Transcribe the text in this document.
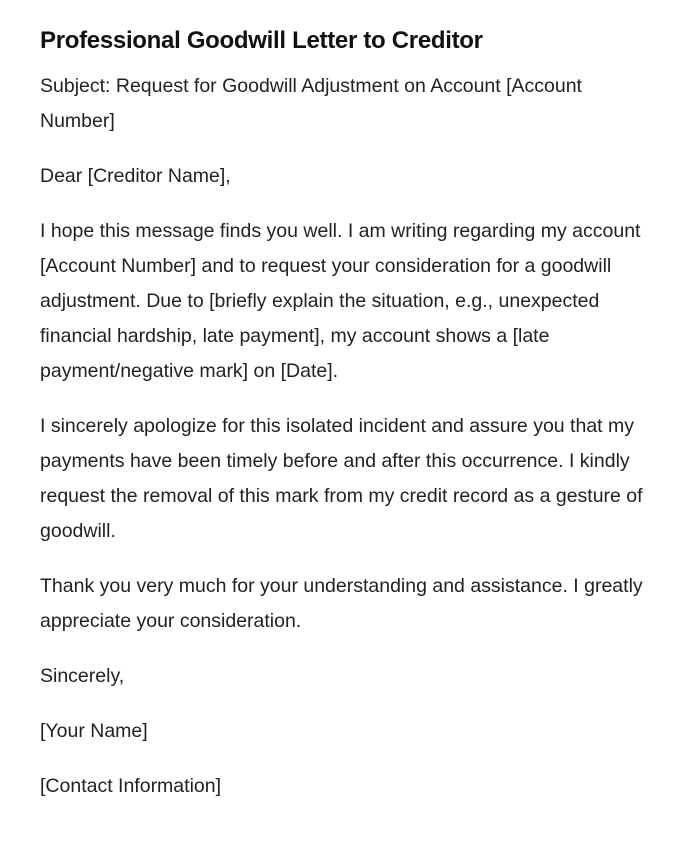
Professional Goodwill Letter to Creditor

Subject: Request for Goodwill Adjustment on Account [Account Number]

Dear [Creditor Name],

I hope this message finds you well. I am writing regarding my account [Account Number] and to request your consideration for a goodwill adjustment. Due to [briefly explain the situation, e.g., unexpected financial hardship, late payment], my account shows a [late payment/negative mark] on [Date].

I sincerely apologize for this isolated incident and assure you that my payments have been timely before and after this occurrence. I kindly request the removal of this mark from my credit record as a gesture of goodwill.

Thank you very much for your understanding and assistance. I greatly appreciate your consideration.

Sincerely,

[Your Name]

[Contact Information]
